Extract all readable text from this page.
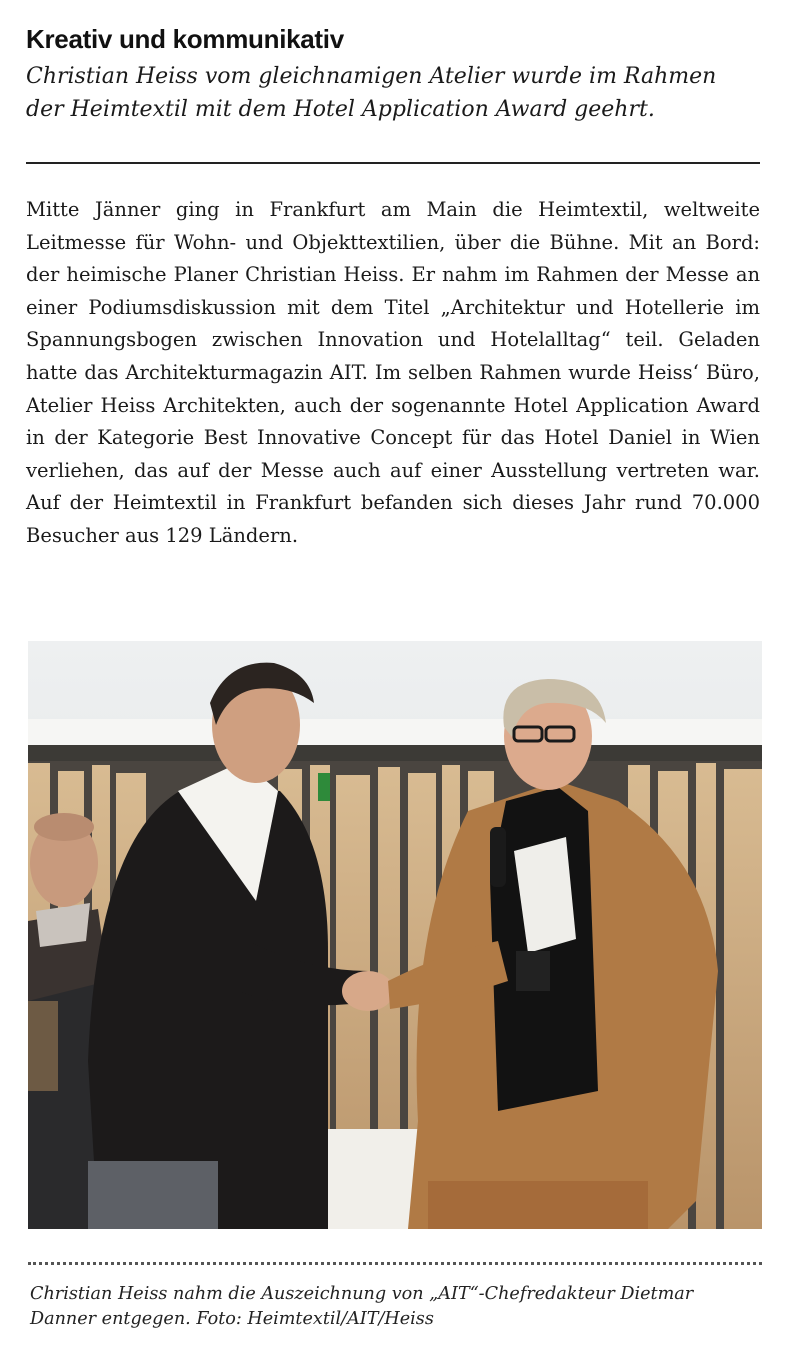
Kreativ und kommunikativ

Christian Heiss vom gleichnamigen Atelier wurde im Rahmen der Heimtextil mit dem Hotel Application Award geehrt.

Mitte Jänner ging in Frankfurt am Main die Heimtextil, weltweite Leitmesse für Wohn- und Objekttextilien, über die Bühne. Mit an Bord: der heimische Planer Christian Heiss. Er nahm im Rahmen der Messe an einer Podiumsdiskussion mit dem Titel „Architektur und Hotellerie im Spannungsbogen zwischen Innovation und Hotelalltag“ teil. Geladen hatte das Architekturmagazin AIT. Im selben Rahmen wurde Heiss‘ Büro, Atelier Heiss Architekten, auch der sogenannte Hotel Application Award in der Kategorie Best Innovative Concept für das Hotel Daniel in Wien verliehen, das auf der Messe auch auf einer Ausstellung vertreten war. Auf der Heimtextil in Frankfurt befanden sich dieses Jahr rund 70.000 Besucher aus 129 Ländern.

Christian Heiss nahm die Auszeichnung von „AIT“-Chefredakteur Dietmar Danner entgegen. Foto: Heimtextil/AIT/Heiss
